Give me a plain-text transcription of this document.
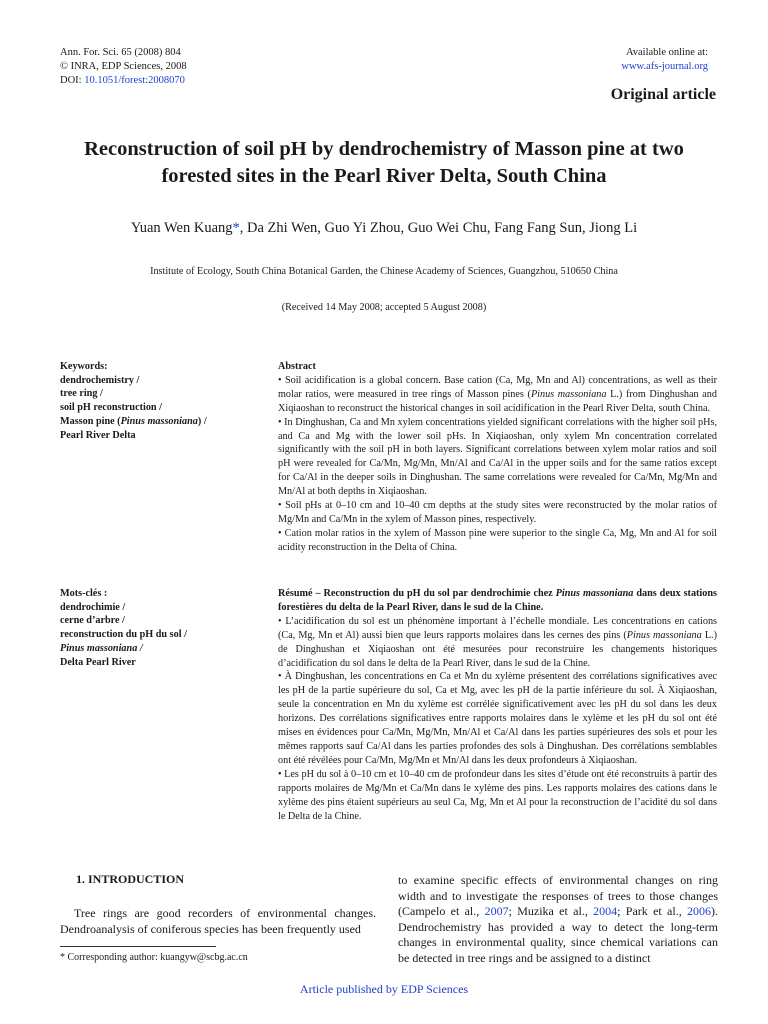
Ann. For. Sci. 65 (2008) 804
© INRA, EDP Sciences, 2008
DOI: 10.1051/forest:2008070
Available online at:
www.afs-journal.org
Original article
Reconstruction of soil pH by dendrochemistry of Masson pine at two
forested sites in the Pearl River Delta, South China
Yuan Wen Kuang*, Da Zhi Wen, Guo Yi Zhou, Guo Wei Chu, Fang Fang Sun, Jiong Li
Institute of Ecology, South China Botanical Garden, the Chinese Academy of Sciences, Guangzhou, 510650 China
(Received 14 May 2008; accepted 5 August 2008)
Keywords:
dendrochemistry /
tree ring /
soil pH reconstruction /
Masson pine (Pinus massoniana) /
Pearl River Delta

Abstract

• Soil acidification is a global concern. Base cation (Ca, Mg, Mn and Al) concentrations, as well as their molar ratios, were measured in tree rings of Masson pines (Pinus massoniana L.) from Dinghushan and Xiqiaoshan to reconstruct the historical changes in soil acidification in the Pearl River Delta, south China.

• In Dinghushan, Ca and Mn xylem concentrations yielded significant correlations with the higher soil pHs, and Ca and Mg with the lower soil pHs. In Xiqiaoshan, only xylem Mn concentration correlated significantly with the soil pH in both layers. Significant correlations between xylem molar ratios and soil pH were revealed for Ca/Mn, Mg/Mn, Mn/Al and Ca/Al in the upper soils and for the same ratios except for Ca/Al in the deeper soils in Dinghushan. The same correlations were revealed for Ca/Mn, Mg/Mn and Mn/Al at both depths in Xiqiaoshan.

• Soil pHs at 0–10 cm and 10–40 cm depths at the study sites were reconstructed by the molar ratios of Mg/Mn and Ca/Mn in the xylem of Masson pines, respectively.

• Cation molar ratios in the xylem of Masson pine were superior to the single Ca, Mg, Mn and Al for soil acidity reconstruction in the Delta of China.

Mots-clés :
dendrochimie /
cerne d’arbre /
reconstruction du pH du sol /
Pinus massoniana /
Delta Pearl River

Résumé – Reconstruction du pH du sol par dendrochimie chez Pinus massoniana dans deux stations forestières du delta de la Pearl River, dans le sud de la Chine.

• L’acidification du sol est un phénomène important à l’échelle mondiale. Les concentrations en cations (Ca, Mg, Mn et Al) aussi bien que leurs rapports molaires dans les cernes des pins (Pinus massoniana L.) de Dinghushan et Xiqiaoshan ont été mesurées pour reconstruire les changements historiques d’acidification du sol dans le delta de la Pearl River, dans le sud de la Chine.

• À Dinghushan, les concentrations en Ca et Mn du xylème présentent des corrélations significatives avec les pH de la partie supérieure du sol, Ca et Mg, avec les pH de la partie inférieure du sol. À Xiqiaoshan, seule la concentration en Mn du xylème est corrélée significativement avec les pH du sol dans les deux horizons. Des corrélations significatives entre rapports molaires dans le xylème et les pH du sol ont été mises en évidences pour Ca/Mn, Mg/Mn, Mn/Al et Ca/Al dans les parties supérieures des sols et pour les mêmes rapports sauf Ca/Al dans les parties profondes des sols à Dinghushan. Des corrélations semblables ont été révélées pour Ca/Mn, Mg/Mn et Mn/Al dans les deux profondeurs à Xiqiaoshan.

• Les pH du sol à 0–10 cm et 10–40 cm de profondeur dans les sites d’étude ont été reconstruits à partir des rapports molaires de Mg/Mn et Ca/Mn dans le xylème des pins. Les rapports molaires des cations dans le xylème des pins étaient supérieurs au seul Ca, Mg, Mn et Al pour la reconstruction de l’acidité du sol dans le Delta de la Chine.

1. INTRODUCTION
Tree rings are good recorders of environmental changes. Dendroanalysis of coniferous species has been frequently used
to examine specific effects of environmental changes on ring width and to investigate the responses of trees to those changes (Campelo et al., 2007; Muzika et al., 2004; Park et al., 2006). Dendrochemistry has provided a way to detect the long-term changes in environmental quality, since chemical variations can be detected in tree rings and be assigned to a distinct
* Corresponding author: kuangyw@scbg.ac.cn
Article published by EDP Sciences
